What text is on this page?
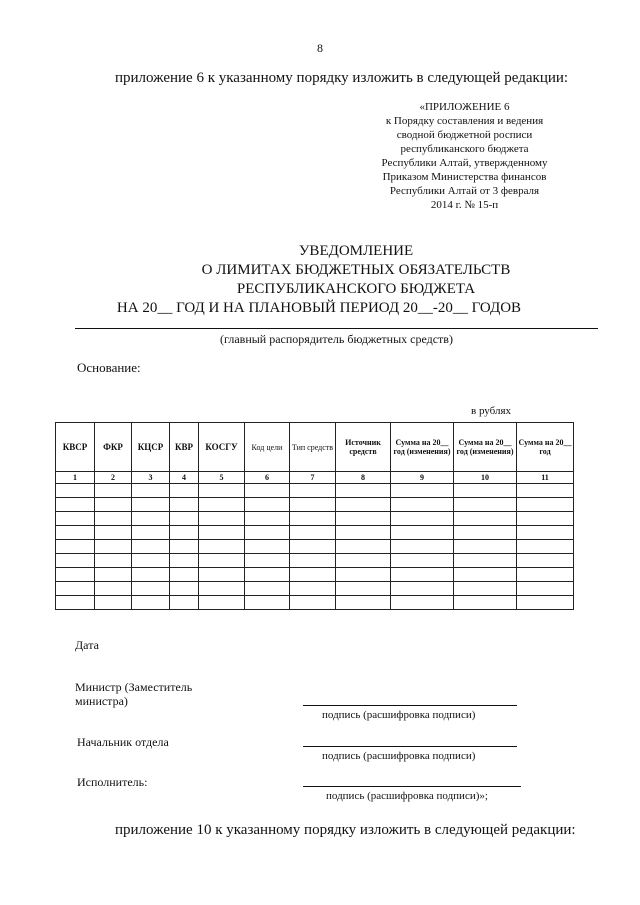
8
приложение 6 к указанному порядку изложить в следующей редакции:
«ПРИЛОЖЕНИЕ 6
к Порядку составления и ведения
сводной бюджетной росписи
республиканского бюджета
Республики Алтай, утвержденному
Приказом Министерства финансов
Республики Алтай от 3 февраля
2014 г. № 15-п
УВЕДОМЛЕНИЕ
О ЛИМИТАХ БЮДЖЕТНЫХ ОБЯЗАТЕЛЬСТВ
РЕСПУБЛИКАНСКОГО БЮДЖЕТА
НА 20__ ГОД И НА ПЛАНОВЫЙ ПЕРИОД 20__-20__ ГОДОВ
(главный распорядитель бюджетных средств)
Основание:
в рублях
КВСР	ФКР	КЦСР	КВР	КОСГУ	Код цели	Тип средств	Источник средств	Сумма на 20__ год (изменения)	Сумма на 20__ год (изменения)	Сумма на 20__ год
1	2	3	4	5	6	7	8	9	10	11

Дата
Министр (Заместитель министра)
подпись (расшифровка подписи)
Начальник отдела
подпись (расшифровка подписи)
Исполнитель:
подпись (расшифровка подписи)»;
приложение 10 к указанному порядку изложить в следующей редакции:
